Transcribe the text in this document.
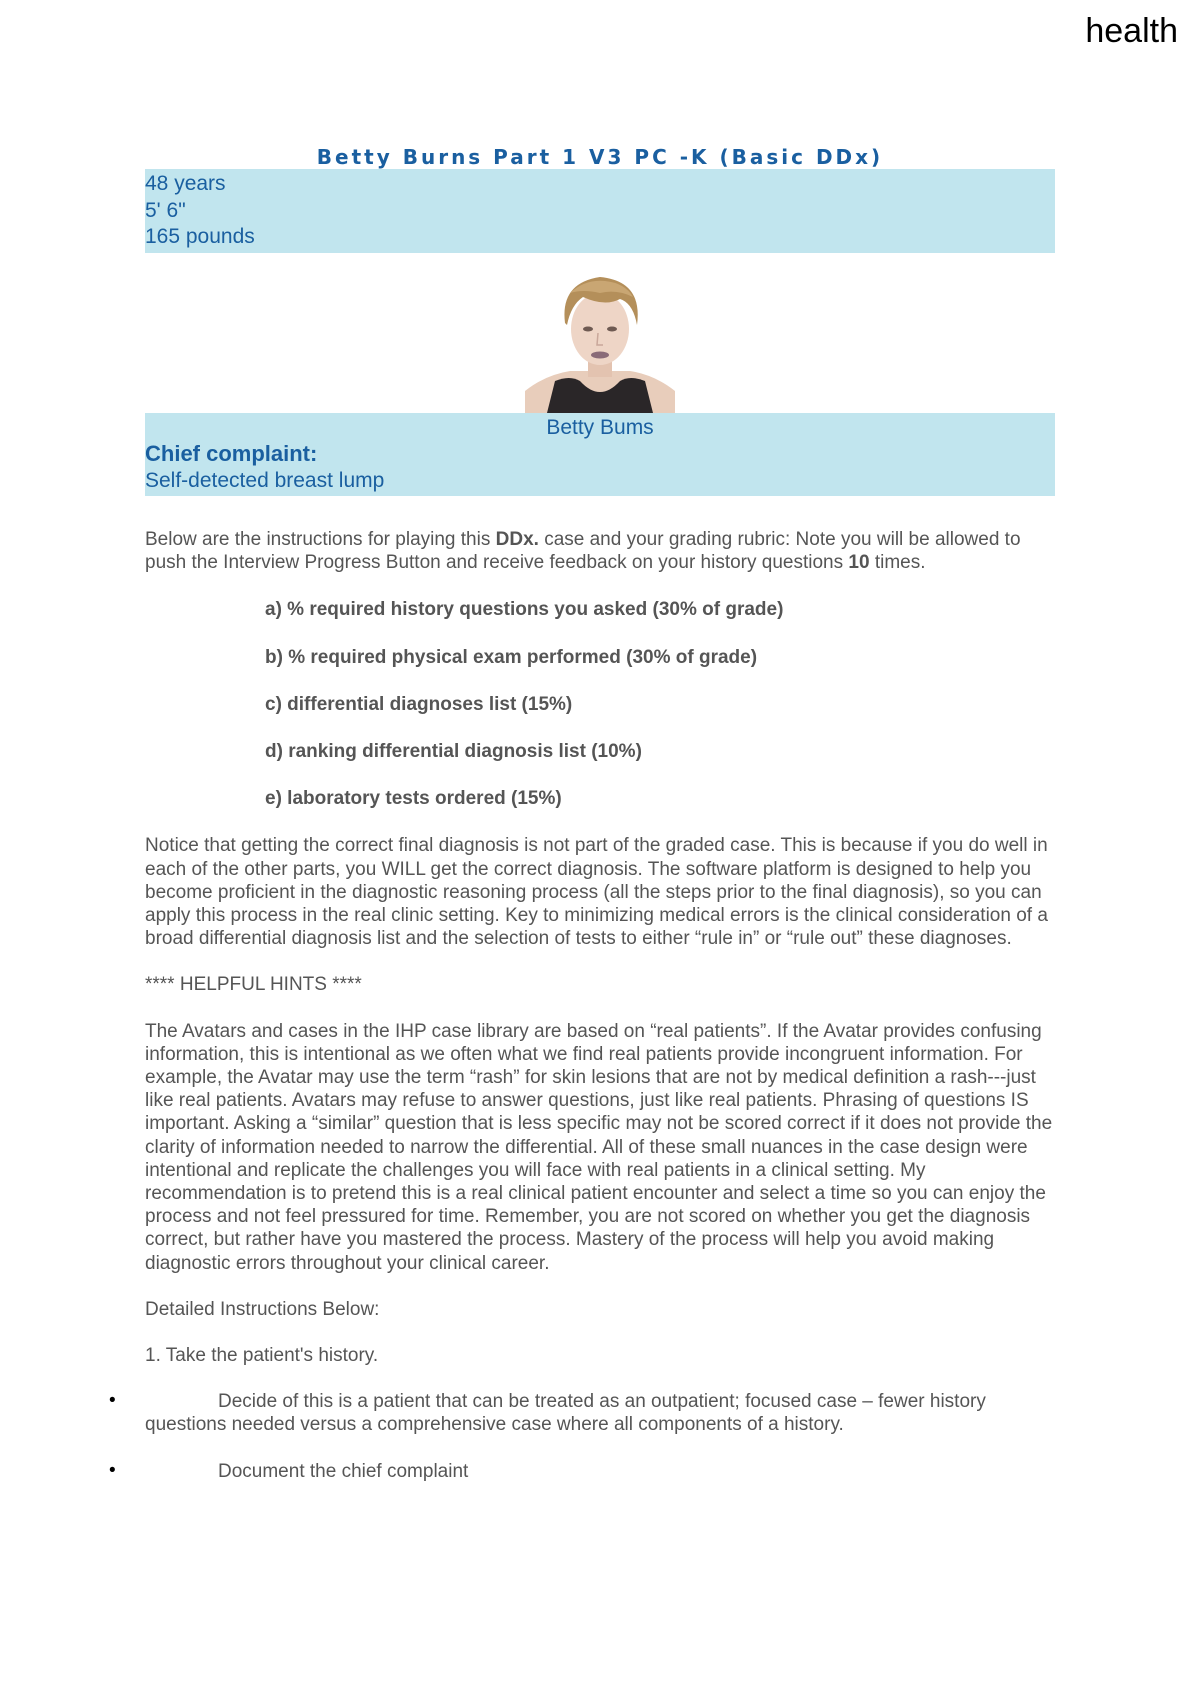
health
Betty Burns Part 1 V3 PC -K (Basic DDx)
48 years
5' 6"
165 pounds
Betty Bums
Chief complaint:
Self-detected breast lump

Below are the instructions for playing this DDx. case and your grading rubric: Note you will be allowed to push the Interview Progress Button and receive feedback on your history questions 10 times.

a) % required history questions you asked (30% of grade)

b) % required physical exam performed (30% of grade)

c) differential diagnoses list (15%)

d) ranking differential diagnosis list (10%)

e) laboratory tests ordered (15%)

Notice that getting the correct final diagnosis is not part of the graded case. This is because if you do well in each of the other parts, you WILL get the correct diagnosis. The software platform is designed to help you become proficient in the diagnostic reasoning process (all the steps prior to the final diagnosis), so you can apply this process in the real clinic setting. Key to minimizing medical errors is the clinical consideration of a broad differential diagnosis list and the selection of tests to either “rule in” or “rule out” these diagnoses.

**** HELPFUL HINTS ****

The Avatars and cases in the IHP case library are based on “real patients”. If the Avatar provides confusing information, this is intentional as we often what we find real patients provide incongruent information. For example, the Avatar may use the term “rash” for skin lesions that are not by medical definition a rash---just like real patients. Avatars may refuse to answer questions, just like real patients. Phrasing of questions IS important. Asking a “similar” question that is less specific may not be scored correct if it does not provide the clarity of information needed to narrow the differential. All of these small nuances in the case design were intentional and replicate the challenges you will face with real patients in a clinical setting. My recommendation is to pretend this is a real clinical patient encounter and select a time so you can enjoy the process and not feel pressured for time. Remember, you are not scored on whether you get the diagnosis correct, but rather have you mastered the process. Mastery of the process will help you avoid making diagnostic errors throughout your clinical career.

Detailed Instructions Below:

1. Take the patient's history.

•	Decide of this is a patient that can be treated as an outpatient; focused case – fewer history questions needed versus a comprehensive case where all components of a history.

•	Document the chief complaint
